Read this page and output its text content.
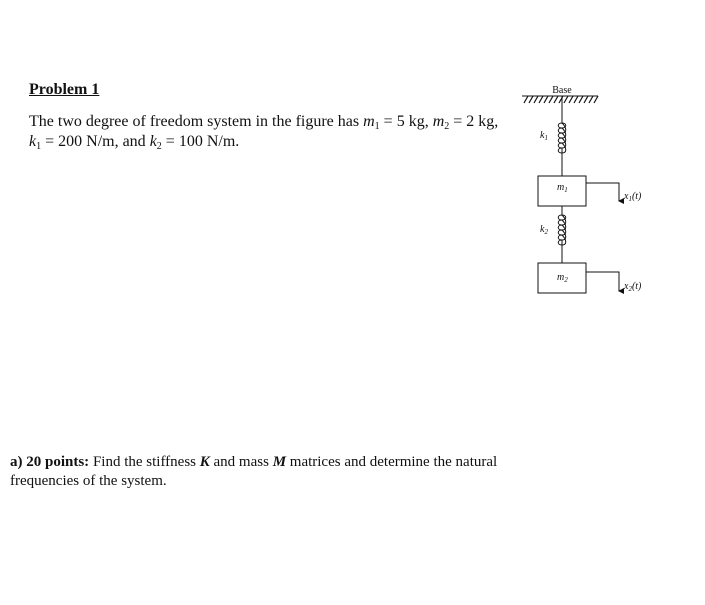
Problem 1
The two degree of freedom system in the figure has $m_1 = 5$ kg, $m_2 = 2$ kg,
$k_1 = 200$ N/m, and $k_2 = 100$ N/m.
Base
$k_1$
$m_1$
$x_1(t)$
$k_2$
$m_2$
$x_2(t)$
a) 20 points: Find the stiffness K and mass M matrices and determine the natural frequencies of the system.
